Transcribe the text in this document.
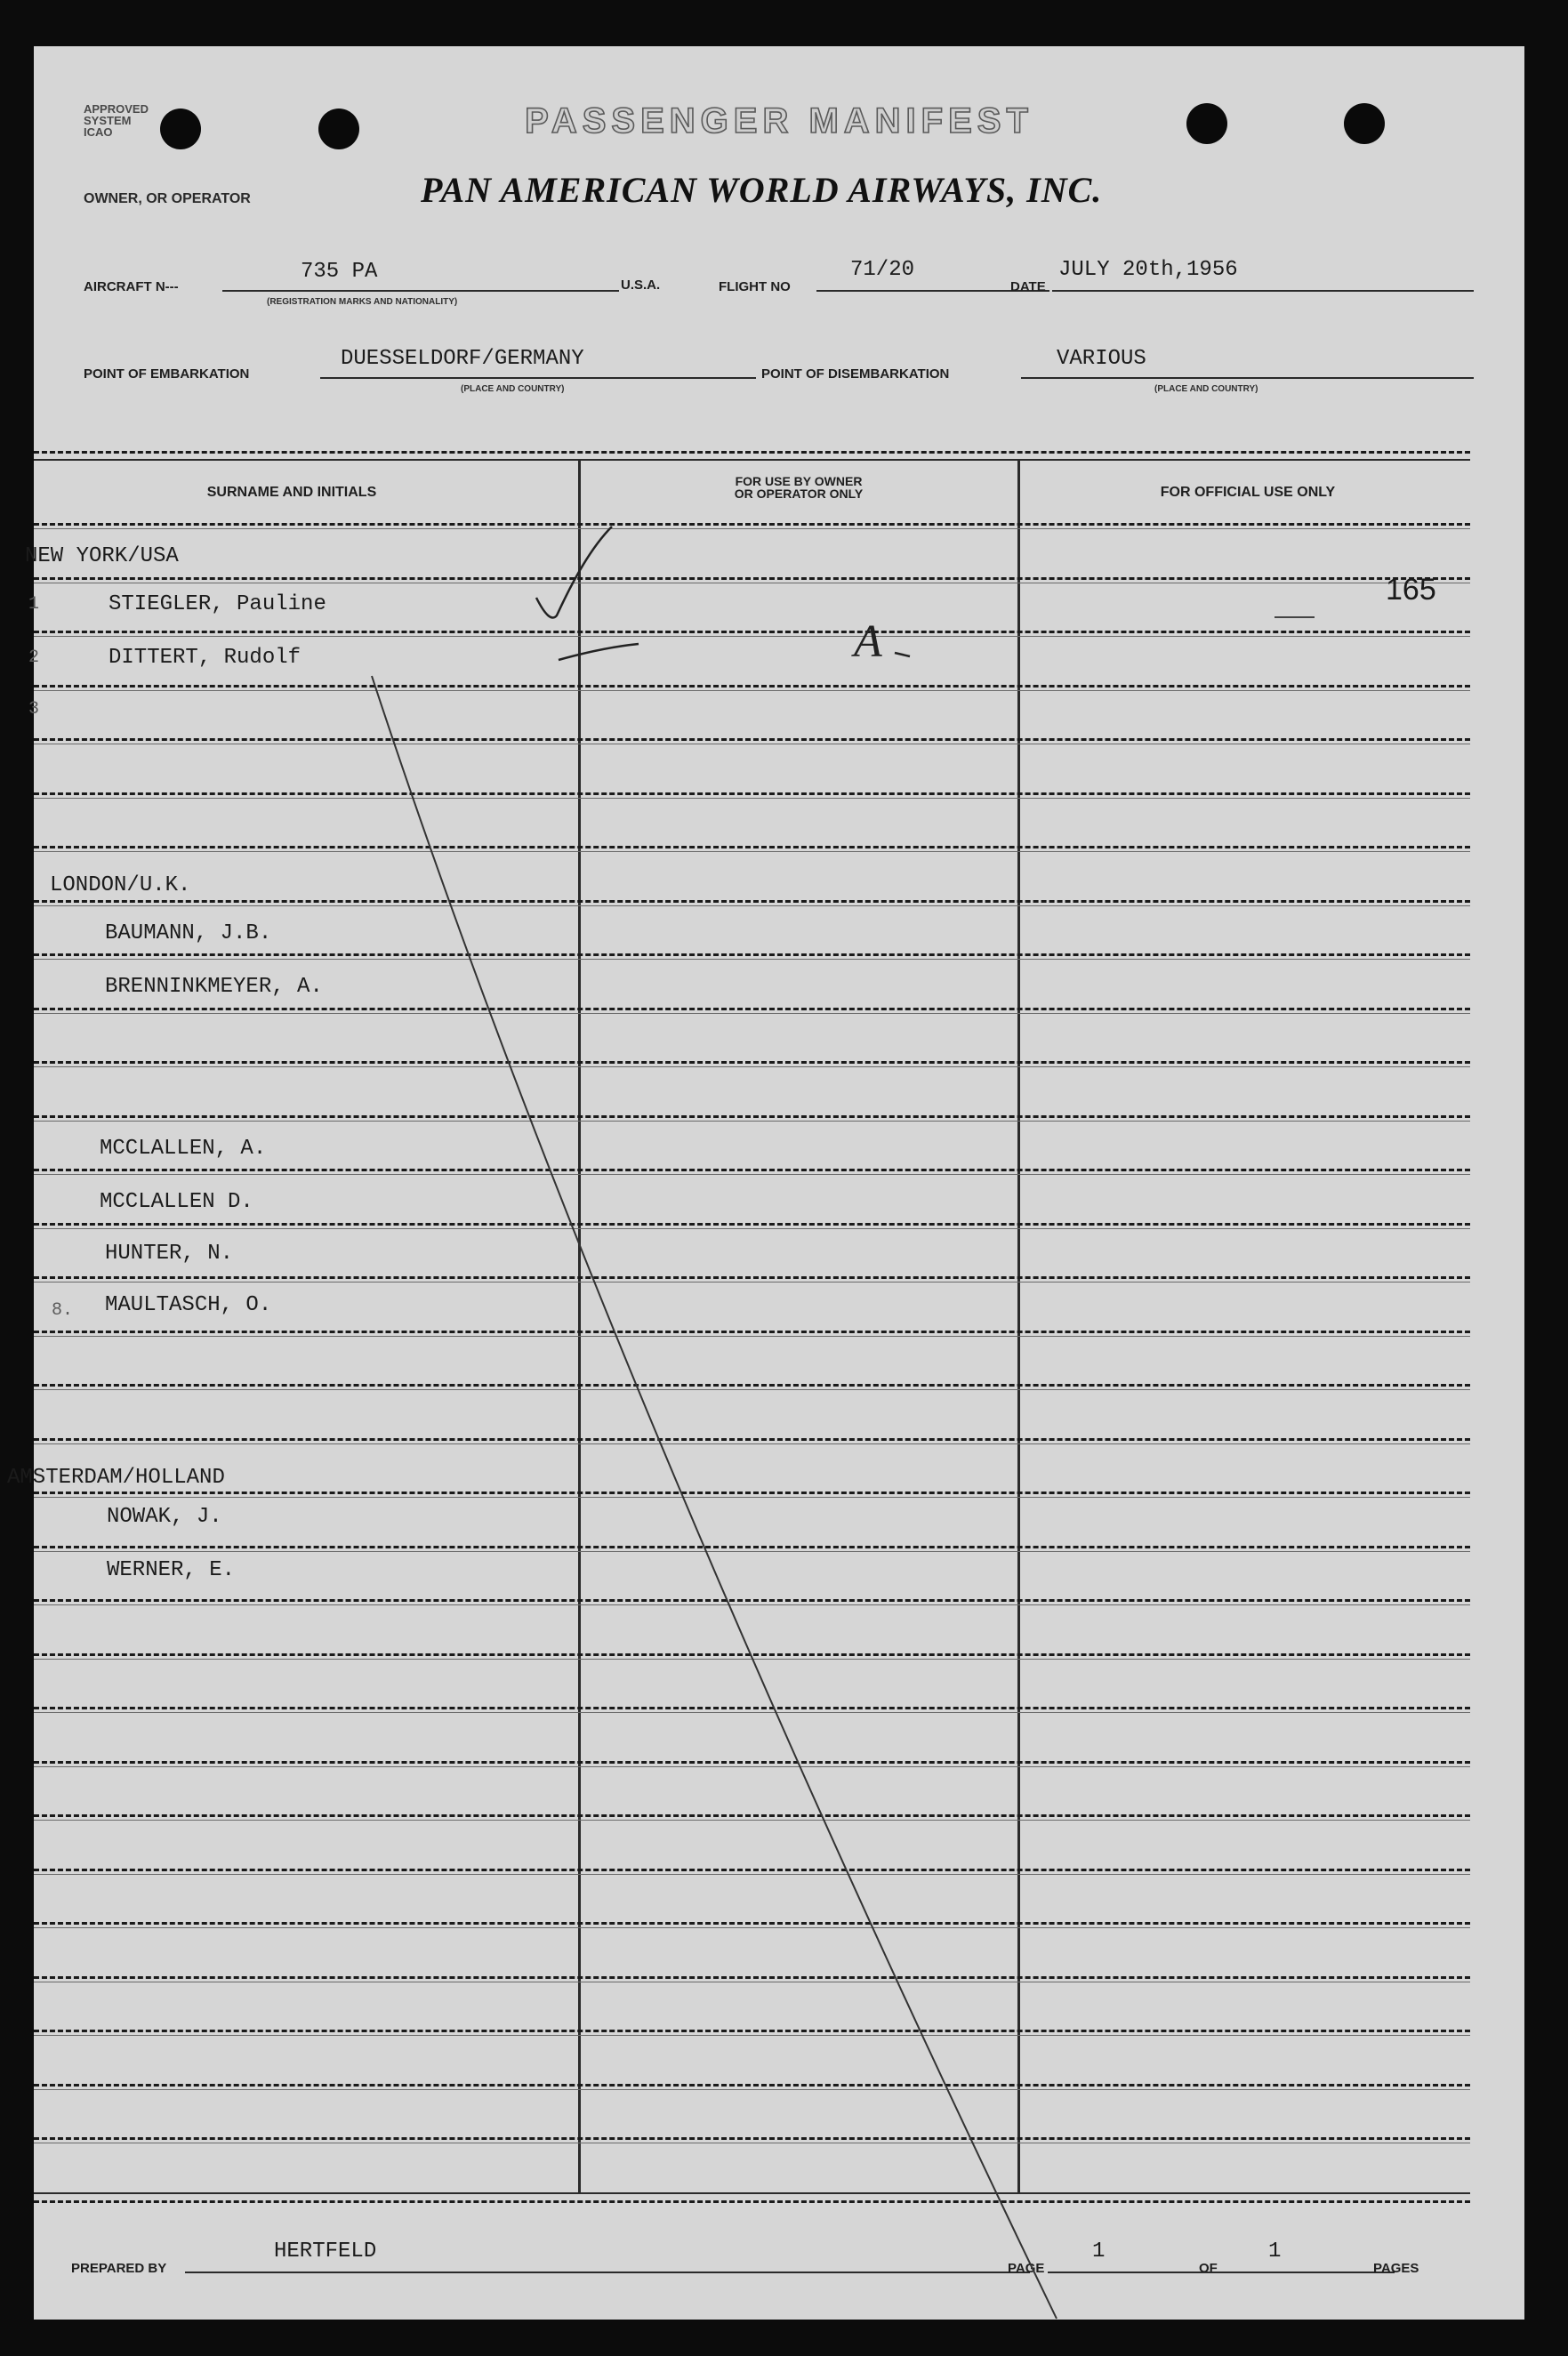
APPROVED
SYSTEM
ICAO	PASSENGER MANIFEST
OWNER, OR OPERATOR	PAN AMERICAN WORLD AIRWAYS, INC.
AIRCRAFT N---
735 PA
(REGISTRATION MARKS AND NATIONALITY)
U.S.A.	FLIGHT NO
71/20
DATE
JULY 20th,1956
POINT OF EMBARKATION
DUESSELDORF/GERMANY
(PLACE AND COUNTRY)
POINT OF DISEMBARKATION
VARIOUS
(PLACE AND COUNTRY)
SURNAME AND INITIALS
FOR USE BY OWNER
OR OPERATOR ONLY	FOR OFFICIAL USE ONLY
NEW YORK/USA
1	STIEGLER, Pauline
2	DITTERT, Rudolf
3
LONDON/U.K.
BAUMANN, J.B.
BRENNINKMEYER, A.
MCCLALLEN, A.
MCCLALLEN D.
HUNTER, N.
8. MAULTASCH, O.
AMSTERDAM/HOLLAND
NOWAK, J.
WERNER, E.
165
A
PREPARED BY
HERTFELD
PAGE
1
OF
1
PAGES
